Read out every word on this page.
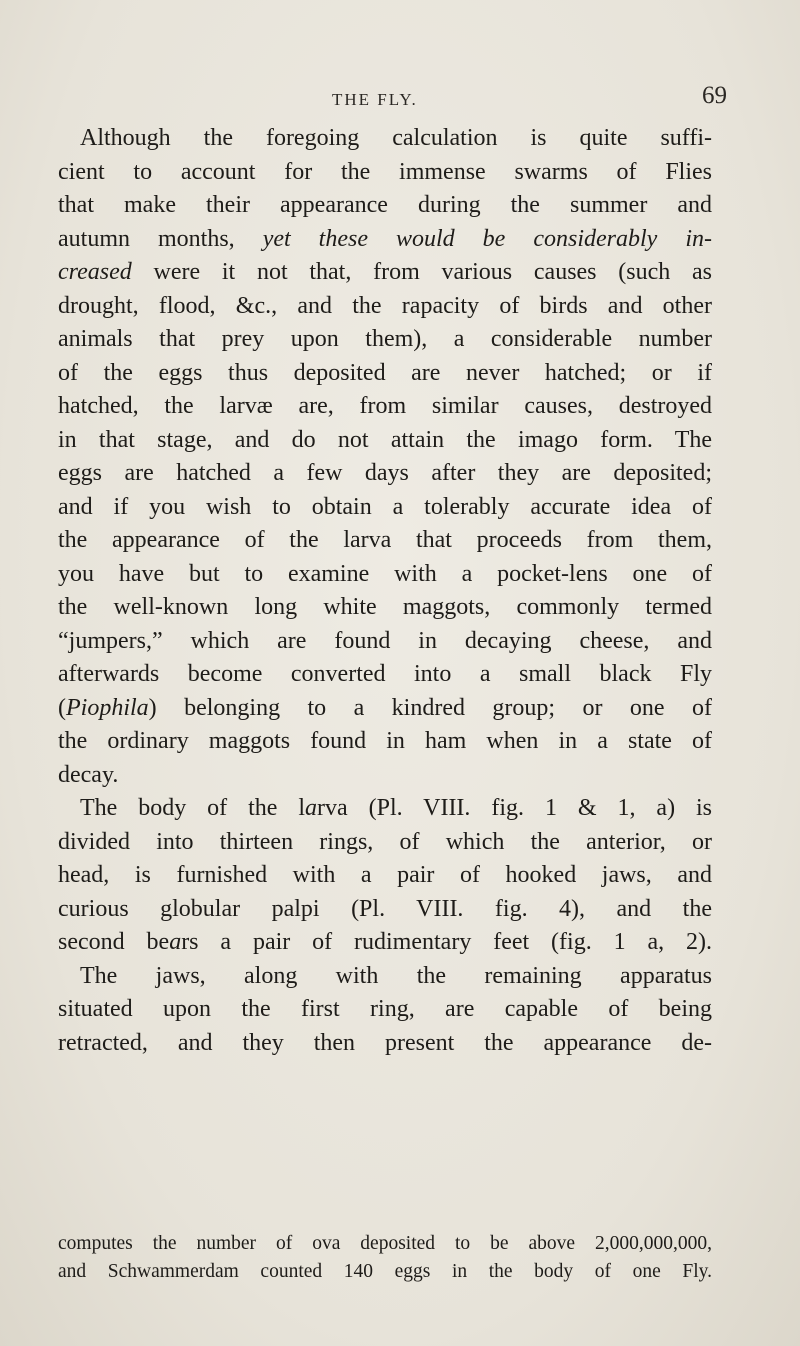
THE FLY.	69
Although the foregoing calculation is quite suffi-
cient to account for the immense swarms of Flies
that make their appearance during the summer and
autumn months, yet these would be considerably in-
creased were it not that, from various causes (such as
drought, flood, &c., and the rapacity of birds and other
animals that prey upon them), a considerable number
of the eggs thus deposited are never hatched; or if
hatched, the larvæ are, from similar causes, destroyed
in that stage, and do not attain the imago form. The
eggs are hatched a few days after they are deposited;
and if you wish to obtain a tolerably accurate idea of
the appearance of the larva that proceeds from them,
you have but to examine with a pocket-lens one of
the well-known long white maggots, commonly termed
“jumpers,” which are found in decaying cheese, and
afterwards become converted into a small black Fly
(Piophila) belonging to a kindred group; or one of
the ordinary maggots found in ham when in a state of
decay.
The body of the larva (Pl. VIII. fig. 1 & 1, a) is
divided into thirteen rings, of which the anterior, or
head, is furnished with a pair of hooked jaws, and
curious globular palpi (Pl. VIII. fig. 4), and the
second bears a pair of rudimentary feet (fig. 1 a, 2).
The jaws, along with the remaining apparatus
situated upon the first ring, are capable of being
retracted, and they then present the appearance de-
computes the number of ova deposited to be above 2,000,000,000,
and Schwammerdam counted 140 eggs in the body of one Fly.
